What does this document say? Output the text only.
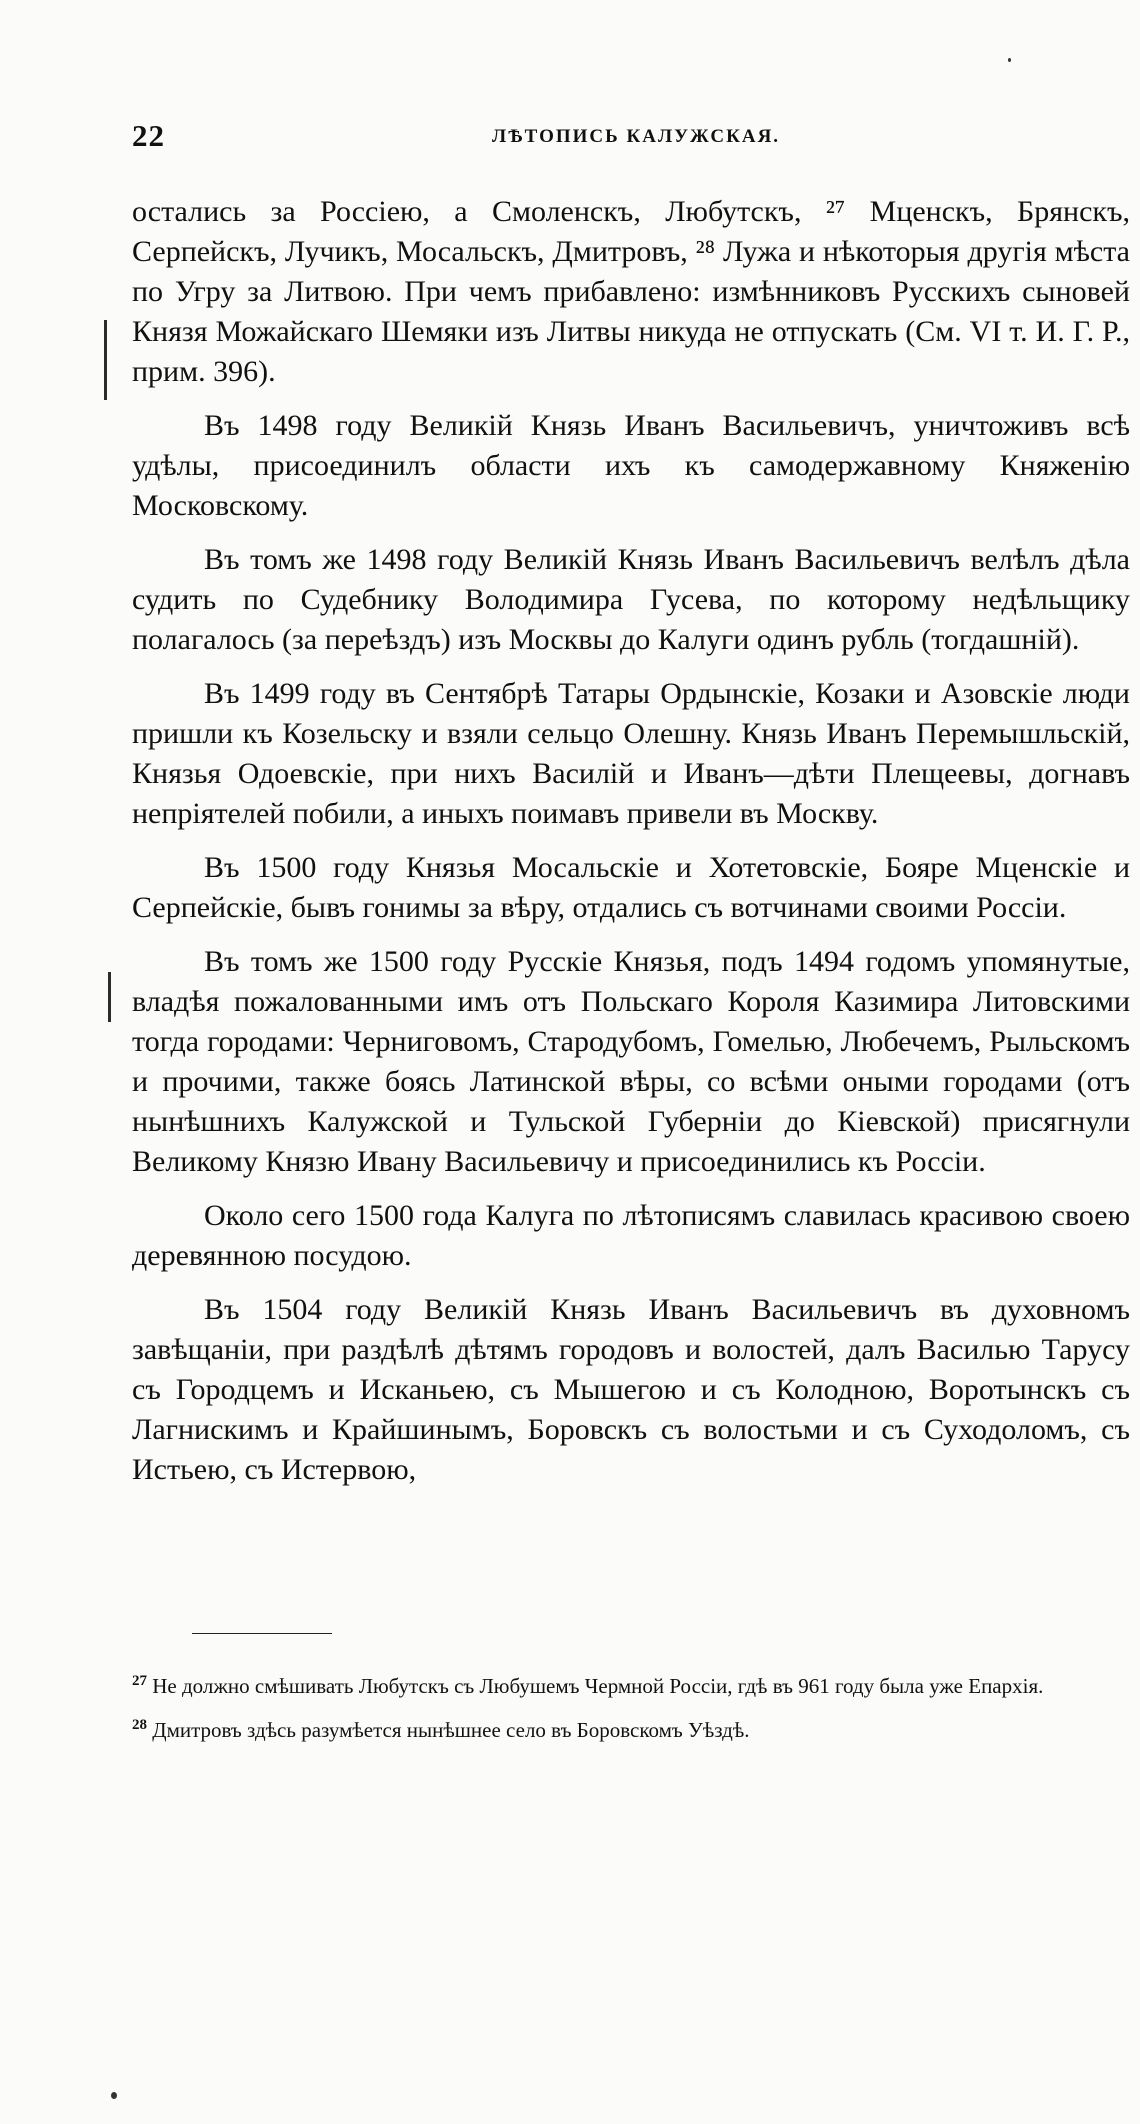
22	ЛѢТОПИСЬ КАЛУЖСКАЯ.

остались за Россіею, а Смоленскъ, Любутскъ, ²⁷ Мценскъ, Брянскъ, Серпейскъ, Лучикъ, Мосальскъ, Дмитровъ, ²⁸ Лужа и нѣкоторыя другія мѣста по Угру за Литвою. При чемъ прибавлено: измѣнниковъ Русскихъ сыновей Князя Можайскаго Шемяки изъ Литвы никуда не отпускать (См. VI т. И. Г. Р., прим. 396).

Въ 1498 году Великій Князь Иванъ Васильевичъ, уничтоживъ всѣ удѣлы, присоединилъ области ихъ къ самодержавному Княженію Московскому.

Въ томъ же 1498 году Великій Князь Иванъ Васильевичъ велѣлъ дѣла судить по Судебнику Володимира Гусева, по которому недѣльщику полагалось (за переѣздъ) изъ Москвы до Калуги одинъ рубль (тогдашній).

Въ 1499 году въ Сентябрѣ Татары Ордынскіе, Козаки и Азовскіе люди пришли къ Козельску и взяли сельцо Олешну. Князь Иванъ Перемышльскій, Князья Одоевскіе, при нихъ Василій и Иванъ—дѣти Плещеевы, догнавъ непріятелей побили, а иныхъ поимавъ привели въ Москву.

Въ 1500 году Князья Мосальскіе и Хотетовскіе, Бояре Мценскіе и Серпейскіе, бывъ гонимы за вѣру, отдались съ вотчинами своими Россіи.

Въ томъ же 1500 году Русскіе Князья, подъ 1494 годомъ упомянутые, владѣя пожалованными имъ отъ Польскаго Короля Казимира Литовскими тогда городами: Черниговомъ, Стародубомъ, Гомелью, Любечемъ, Рыльскомъ и прочими, также боясь Латинской вѣры, со всѣми оными городами (отъ нынѣшнихъ Калужской и Тульской Губерніи до Кіевской) присягнули Великому Князю Ивану Васильевичу и присоединились къ Россіи.

Около сего 1500 года Калуга по лѣтописямъ славилась красивою своею деревянною посудою.

Въ 1504 году Великій Князь Иванъ Васильевичъ въ духовномъ завѣщаніи, при раздѣлѣ дѣтямъ городовъ и волостей, далъ Василью Тарусу съ Городцемъ и Исканьею, съ Мышегою и съ Колодною, Воротынскъ съ Лагнискимъ и Крайшинымъ, Боровскъ съ волостьми и съ Суходоломъ, съ Истьею, съ Истервою,

$^{27}$ Не должно смѣшивать Любутскъ съ Любушемъ Чермной Россіи, гдѣ въ 961 году была уже Епархія.

$^{28}$ Дмитровъ здѣсь разумѣется нынѣшнее село въ Боровскомъ Уѣздѣ.
